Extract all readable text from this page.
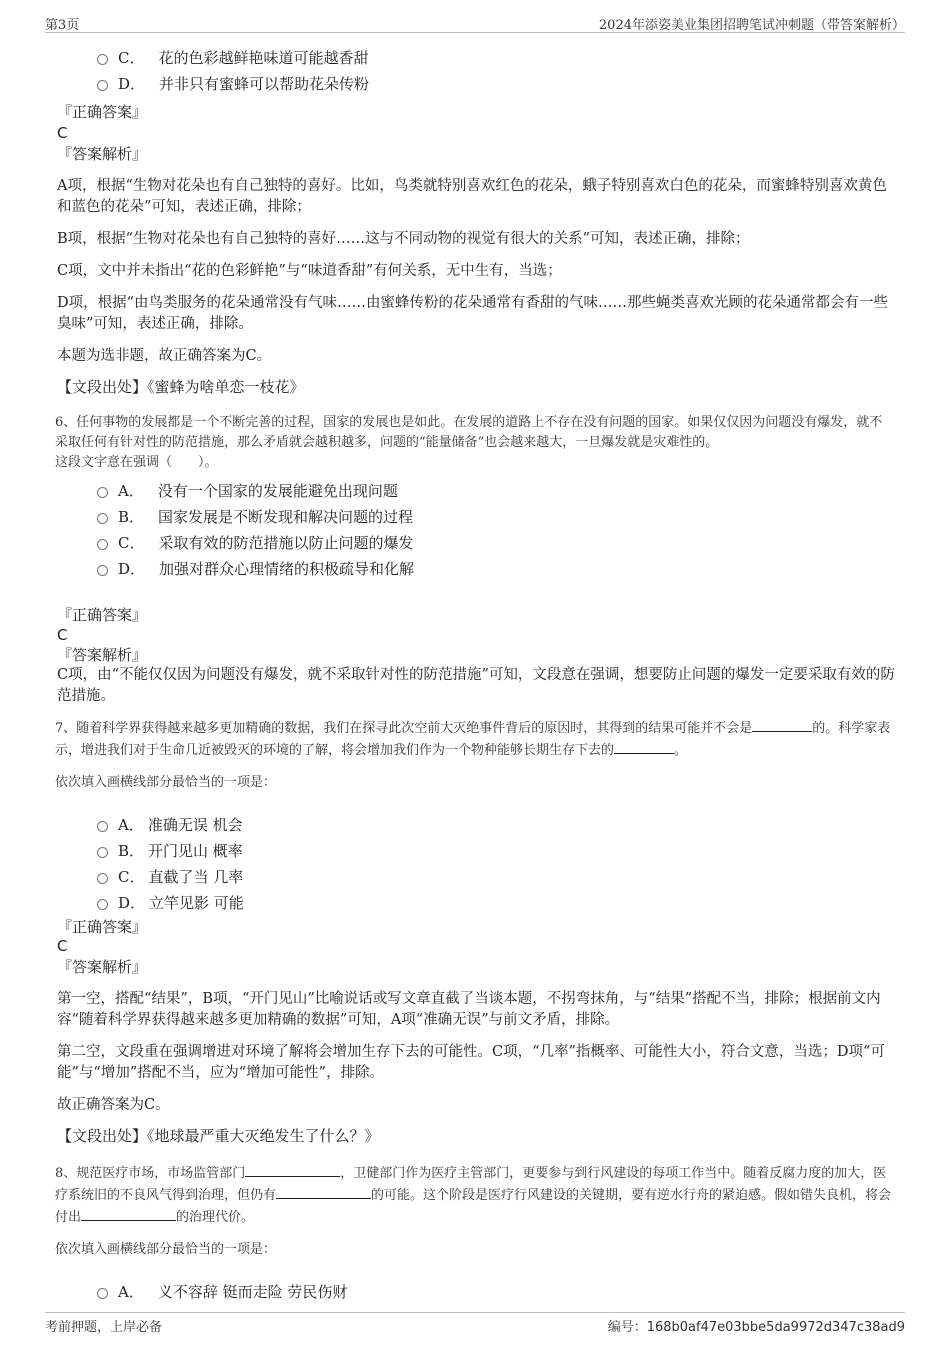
第3页	2024年添姿美业集团招聘笔试冲刺题（带答案解析）
C． 花的色彩越鲜艳味道可能越香甜
D． 并非只有蜜蜂可以帮助花朵传粉
『正确答案』
C
『答案解析』
A项，根据“生物对花朵也有自己独特的喜好。比如，鸟类就特别喜欢红色的花朵，蛾子特别喜欢白色的花朵，而蜜蜂特别喜欢黄色和蓝色的花朵”可知，表述正确，排除；
B项，根据“生物对花朵也有自己独特的喜好……这与不同动物的视觉有很大的关系”可知，表述正确，排除；
C项，文中并未指出“花的色彩鲜艳”与“味道香甜”有何关系，无中生有，当选；
D项，根据“由鸟类服务的花朵通常没有气味……由蜜蜂传粉的花朵通常有香甜的气味……那些蝇类喜欢光顾的花朵通常都会有一些臭味”可知，表述正确，排除。
本题为选非题，故正确答案为C。
【文段出处】《蜜蜂为啥单恋一枝花》
6、任何事物的发展都是一个不断完善的过程，国家的发展也是如此。在发展的道路上不存在没有问题的国家。如果仅仅因为问题没有爆发，就不采取任何有针对性的防范措施，那么矛盾就会越积越多，问题的“能量储备”也会越来越大，一旦爆发就是灾难性的。
这段文字意在强调（　　）。
A． 没有一个国家的发展能避免出现问题
B． 国家发展是不断发现和解决问题的过程
C． 采取有效的防范措施以防止问题的爆发
D． 加强对群众心理情绪的积极疏导和化解
『正确答案』
C
『答案解析』
C项，由“不能仅仅因为问题没有爆发，就不采取针对性的防范措施”可知，文段意在强调，想要防止问题的爆发一定要采取有效的防范措施。
7、随着科学界获得越来越多更加精确的数据，我们在探寻此次空前大灭绝事件背后的原因时，其得到的结果可能并不会是	的。科学家表示，增进我们对于生命几近被毁灭的环境的了解，将会增加我们作为一个物种能够长期生存下去的	。
依次填入画横线部分最恰当的一项是：
A． 准确无误 机会
B． 开门见山 概率
C． 直截了当 几率
D． 立竿见影 可能
『正确答案』
C
『答案解析』
第一空，搭配“结果”，B项，“开门见山”比喻说话或写文章直截了当谈本题，不拐弯抹角，与“结果”搭配不当，排除；根据前文内容“随着科学界获得越来越多更加精确的数据”可知，A项“准确无误”与前文矛盾，排除。
第二空，文段重在强调增进对环境了解将会增加生存下去的可能性。C项，“几率”指概率、可能性大小，符合文意，当选；D项“可能”与“增加”搭配不当，应为“增加可能性”，排除。
故正确答案为C。
【文段出处】《地球最严重大灭绝发生了什么？》
8、规范医疗市场，市场监管部门	，卫健部门作为医疗主管部门，更要参与到行风建设的每项工作当中。随着反腐力度的加大，医疗系统旧的不良风气得到治理，但仍有	的可能。这个阶段是医疗行风建设的关键期，要有逆水行舟的紧迫感。假如错失良机，将会付出	的治理代价。
依次填入画横线部分最恰当的一项是：
A． 义不容辞 铤而走险 劳民伤财
考前押题，上岸必备	编号：168b0af47e03bbe5da9972d347c38ad9
